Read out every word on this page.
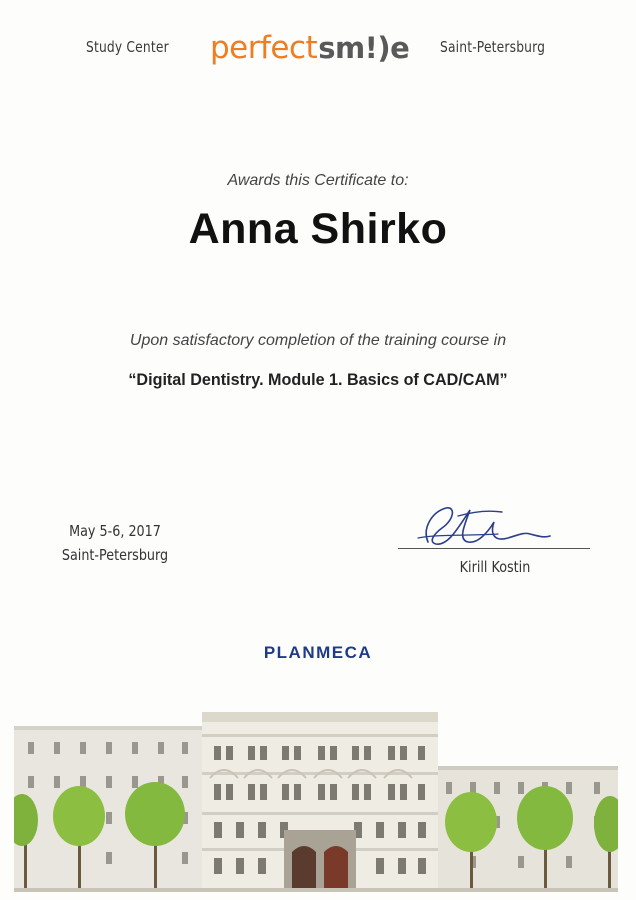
Study Center perfect sm!)e Saint-Petersburg
Awards this Certificate to:
Anna Shirko
Upon satisfactory completion of the training course in
“Digital Dentistry. Module 1. Basics of CAD/CAM”
May 5-6, 2017
Saint-Petersburg
Kirill Kostin
PLANMECA
